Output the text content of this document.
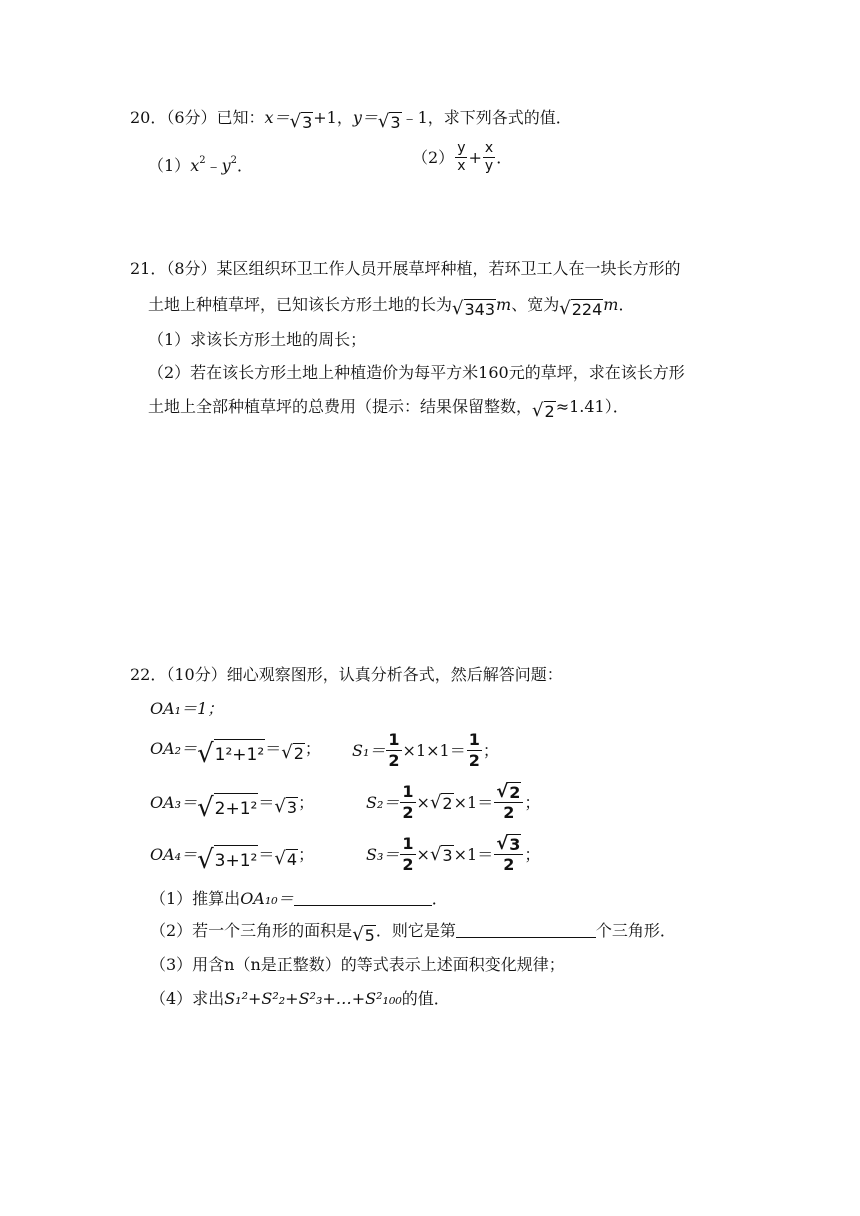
20．（6分）已知：x＝ √ 3 +1，y＝ √ 3 ﹣1，求下列各式的值．
$(1)x^2﹣y^2$．	$(2) \frac{y}{x} + \frac{x}{y}$ ．
21．（8分）某区组织环卫工作人员开展草坪种植，若环卫工人在一块长方形的
土地上种植草坪，已知该长方形土地的长为 √ 343 m、宽为 √ 224 m．
（1）求该长方形土地的周长；
（2）若在该长方形土地上种植造价为每平方米160元的草坪，求在该长方形
土地上全部种植草坪的总费用（提示：结果保留整数， √ 2 ≈1.41）．
22．（10分）细心观察图形，认真分析各式，然后解答问题：
OA₁＝1；
OA₂＝ √ 1²+1² ＝ √ 2 ； $S_1= \frac{1}{2} \times 1\times 1= \frac{1}{2}$ ；
OA₃＝ √ 2+1² ＝ √ 3 ；	$S_2= \frac{1}{2}$ × √ $2 \times 1= \frac{√ 2}{2}$ ；
OA₄＝ √ 3+1² ＝ √ 4 ；	$S_3= \frac{1}{2}$ × √ $3 \times 1= \frac{√ 3}{2}$ ；
（1）推算出OA₁₀＝	．
（2）若一个三角形的面积是 √ 5 ．则它是第	个三角形．
（3）用含n（n是正整数）的等式表示上述面积变化规律；
（4）求出S₁²+S²₂+S²₃+…+S²₁₀₀的值．
